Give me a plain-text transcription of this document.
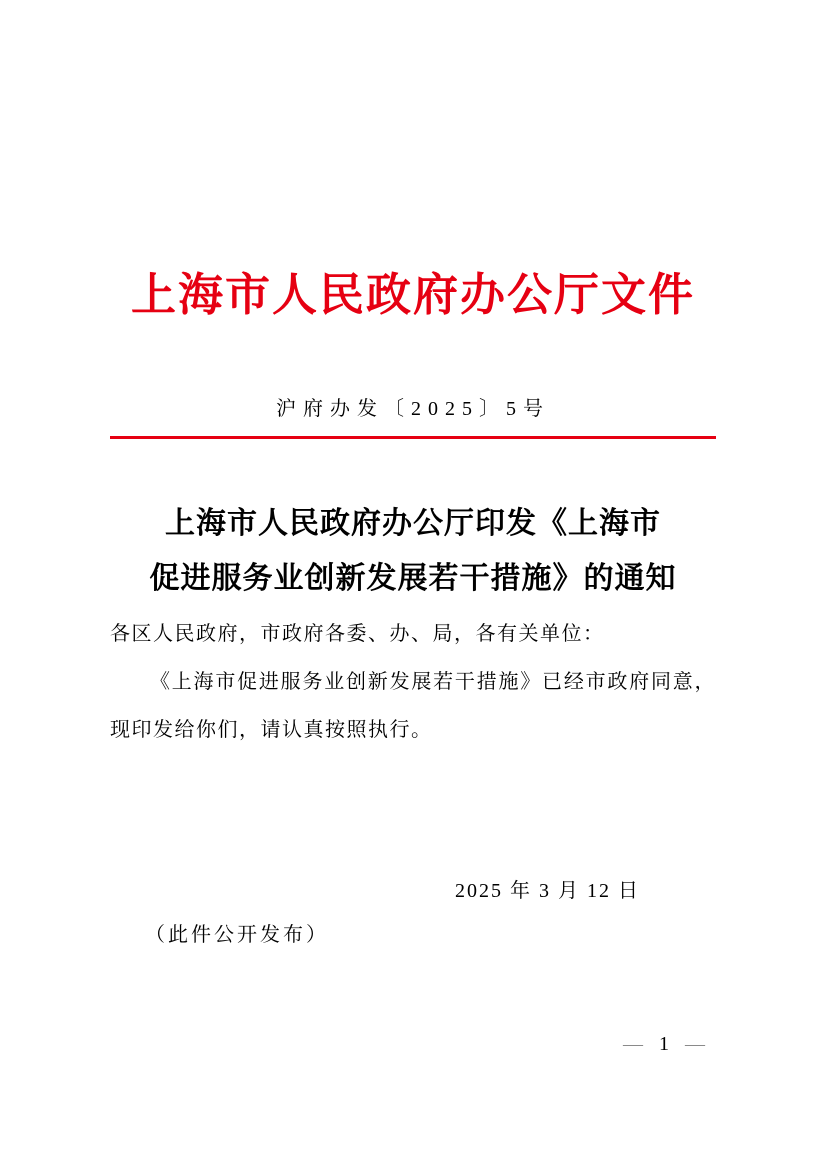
上海市人民政府办公厅文件
沪府办发〔2025〕5号
上海市人民政府办公厅印发《上海市
促进服务业创新发展若干措施》的通知

各区人民政府，市政府各委、办、局，各有关单位：

《上海市促进服务业创新发展若干措施》已经市政府同意，现印发给你们，请认真按照执行。

2025 年 3 月 12 日
（此件公开发布）
— 1 —
